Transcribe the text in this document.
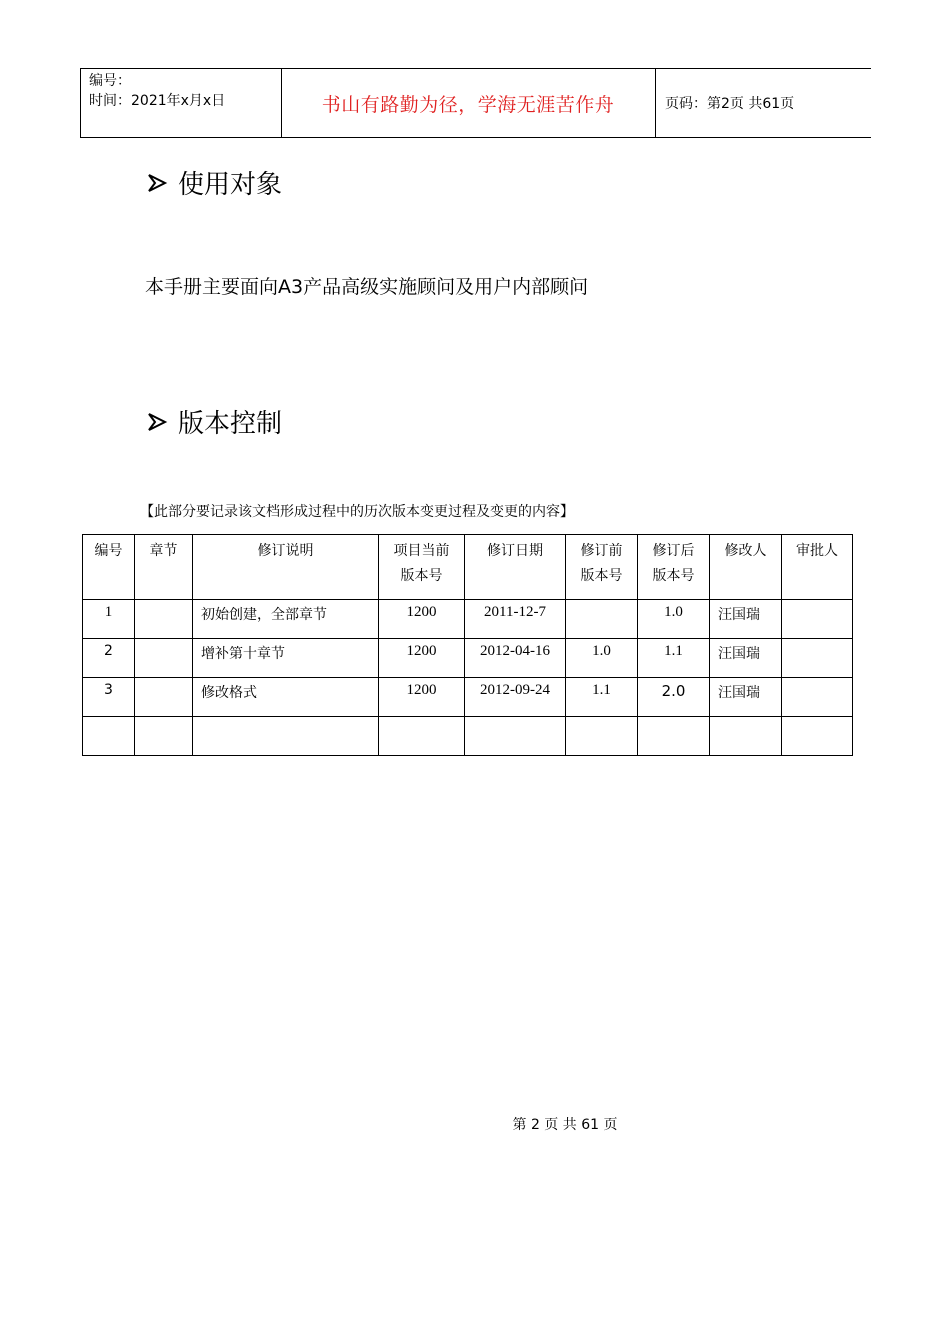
编号：
时间：2021年x月x日	书山有路勤为径，学海无涯苦作舟	页码：第2页 共61页
使用对象
本手册主要面向A3产品高级实施顾问及用户内部顾问
版本控制
【此部分要记录该文档形成过程中的历次版本变更过程及变更的内容】
编号	章节	修订说明	项目当前版本号	修订日期	修订前版本号	修订后版本号	修改人	审批人
1		初始创建，全部章节	1200	2011-12-7		1.0	汪国瑞	
2		增补第十章节	1200	2012-04-16	1.0	1.1	汪国瑞	
3		修改格式	1200	2012-09-24	1.1	2.0	汪国瑞	

第 2 页 共 61 页
